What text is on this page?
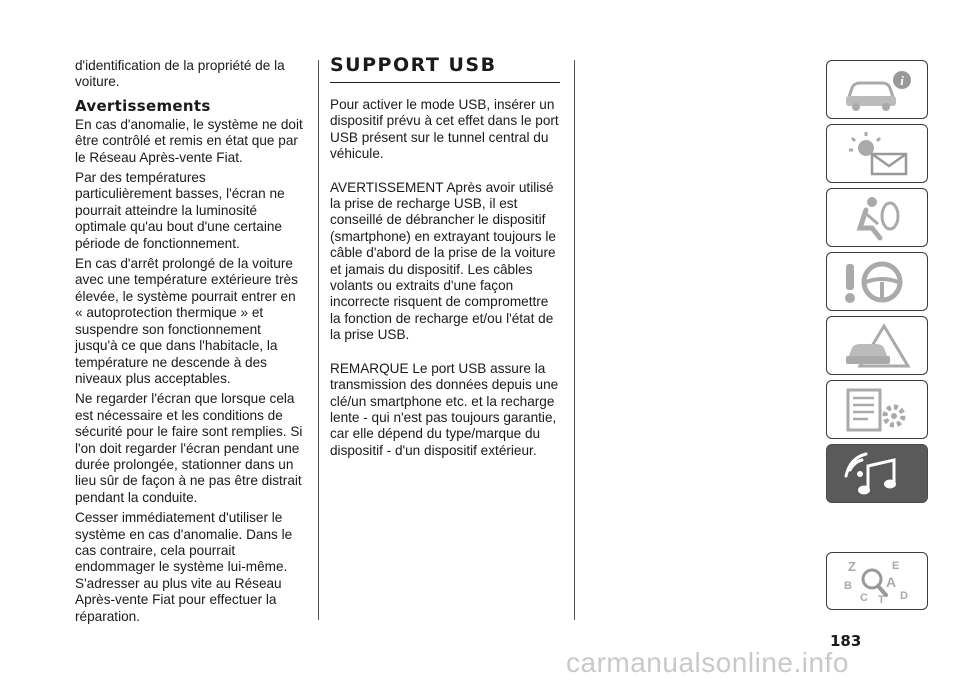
d'identification de la propriété de la voiture.

Avertissements

En cas d'anomalie, le système ne doit être contrôlé et remis en état que par le Réseau Après-vente Fiat.

Par des températures particulièrement basses, l'écran ne pourrait atteindre la luminosité optimale qu'au bout d'une certaine période de fonctionnement.

En cas d'arrêt prolongé de la voiture avec une température extérieure très élevée, le système pourrait entrer en « autoprotection thermique » et suspendre son fonctionnement jusqu'à ce que dans l'habitacle, la température ne descende à des niveaux plus acceptables.

Ne regarder l'écran que lorsque cela est nécessaire et les conditions de sécurité pour le faire sont remplies. Si l'on doit regarder l'écran pendant une durée prolongée, stationner dans un lieu sûr de façon à ne pas être distrait pendant la conduite.

Cesser immédiatement d'utiliser le système en cas d'anomalie. Dans le cas contraire, cela pourrait endommager le système lui-même. S'adresser au plus vite au Réseau Après-vente Fiat pour effectuer la réparation.

SUPPORT USB

Pour activer le mode USB, insérer un dispositif prévu à cet effet dans le port USB présent sur le tunnel central du véhicule.

AVERTISSEMENT Après avoir utilisé la prise de recharge USB, il est conseillé de débrancher le dispositif (smartphone) en extrayant toujours le câble d'abord de la prise de la voiture et jamais du dispositif. Les câbles volants ou extraits d'une façon incorrecte risquent de compromettre la fonction de recharge et/ou l'état de la prise USB.

REMARQUE Le port USB assure la transmission des données depuis une clé/un smartphone etc. et la recharge lente - qui n'est pas toujours garantie, car elle dépend du type/marque du dispositif - d'un dispositif extérieur.

i
Z	E
B A
C	D
T
183
carmanualsonline.info
